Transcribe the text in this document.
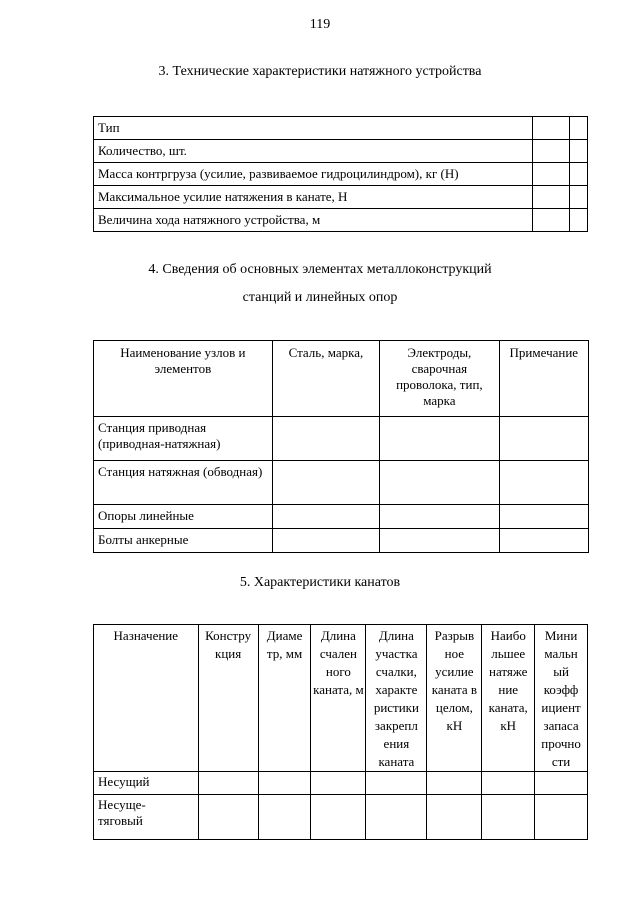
119
3. Технические характеристики натяжного устройства
Тип		
Количество, шт.		
Масса контргруза (усилие, развиваемое гидроцилиндром), кг (Н)		
Максимальное усилие натяжения в канате, Н		
Величина хода натяжного устройства, м		
4. Сведения об основных элементах металлоконструкций
станций и линейных опор
Наименование узлов и элементов	Сталь, марка,	Электроды, сварочная проволока, тип, марка	Примечание
Станция приводная (приводная-натяжная)			
Станция натяжная (обводная)			
Опоры линейные			
Болты анкерные			
5. Характеристики канатов
Назначение	Констру кция	Диаме тр, мм	Длина счален ного каната, м	Длина участка счалки, характе ристики закрепл ения каната	Разрыв ное усилие каната в целом, кН	Наибо льшее натяже ние каната, кН	Мини мальн ый коэфф ициент запаса прочно сти
Несущий							
Несуще- тяговый							
